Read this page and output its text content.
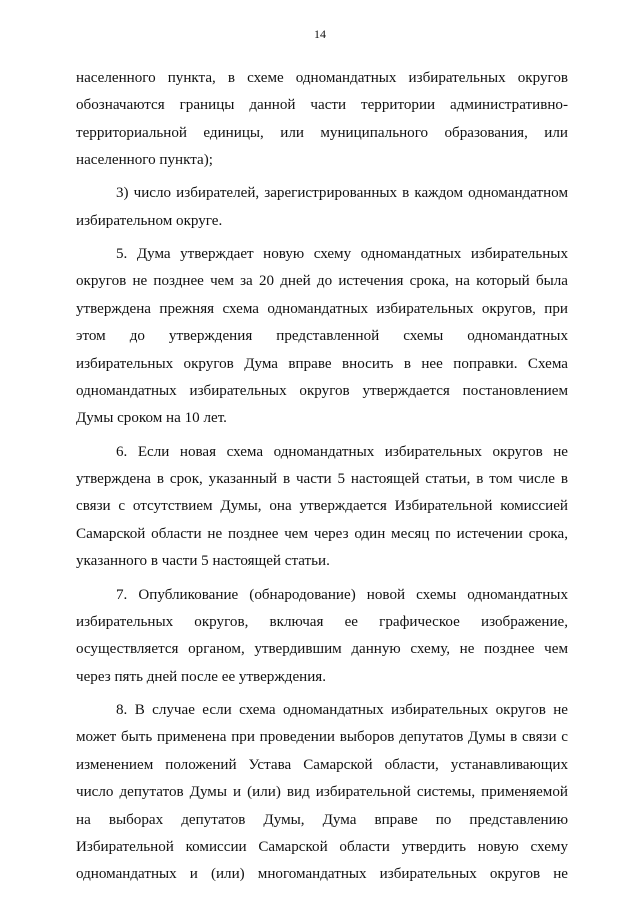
14

населенного пункта, в схеме одномандатных избирательных округов
обозначаются границы данной части территории административно-
территориальной единицы, или муниципального образования, или
населенного пункта);

3) число избирателей, зарегистрированных в каждом одномандатном
избирательном округе.

5. Дума утверждает новую схему одномандатных избирательных
округов не позднее чем за 20 дней до истечения срока, на который была
утверждена прежняя схема одномандатных избирательных округов, при
этом до утверждения представленной схемы одномандатных
избирательных округов Дума вправе вносить в нее поправки. Схема
одномандатных избирательных округов утверждается постановлением
Думы сроком на 10 лет.

6. Если новая схема одномандатных избирательных округов не
утверждена в срок, указанный в части 5 настоящей статьи, в том числе в
связи с отсутствием Думы, она утверждается Избирательной комиссией
Самарской области не позднее чем через один месяц по истечении срока,
указанного в части 5 настоящей статьи.

7. Опубликование (обнародование) новой схемы одномандатных
избирательных округов, включая ее графическое изображение,
осуществляется органом, утвердившим данную схему, не позднее чем
через пять дней после ее утверждения.

8. В случае если схема одномандатных избирательных округов не
может быть применена при проведении выборов депутатов Думы в связи с
изменением положений Устава Самарской области, устанавливающих
число депутатов Думы и (или) вид избирательной системы, применяемой
на выборах депутатов Думы, Дума вправе по представлению
Избирательной комиссии Самарской области утвердить новую схему
одномандатных и (или) многомандатных избирательных округов не
